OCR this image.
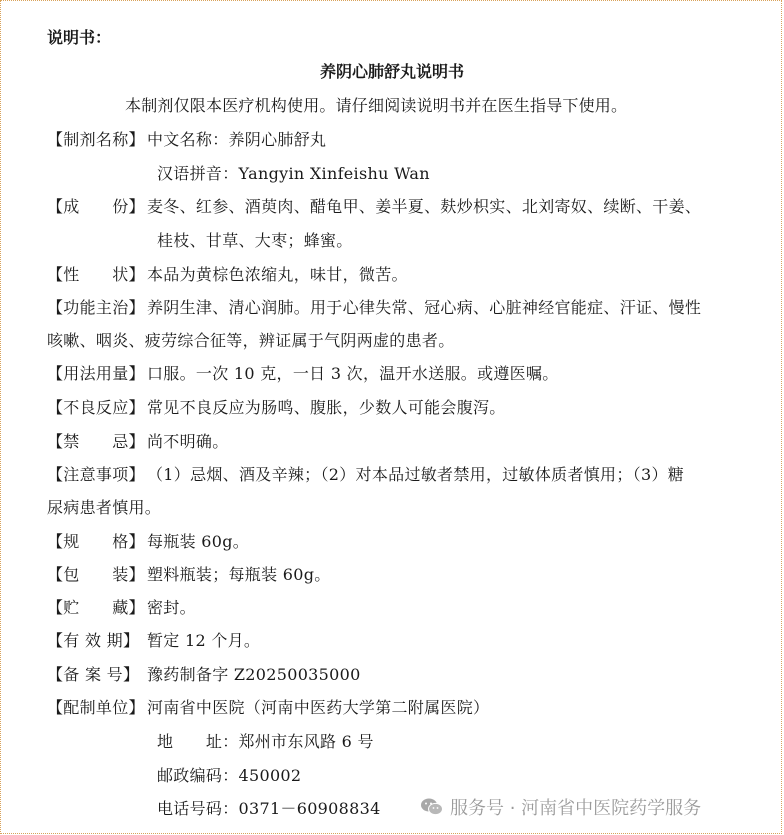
说明书：
养阴心肺舒丸说明书
本制剂仅限本医疗机构使用。请仔细阅读说明书并在医生指导下使用。
【制剂名称】 中文名称：养阴心肺舒丸
汉语拼音：Yangyin Xinfeishu Wan
【成　　份】 麦冬、红参、酒萸肉、醋龟甲、姜半夏、麸炒枳实、北刘寄奴、续断、干姜、
桂枝、甘草、大枣；蜂蜜。
【性　　状】 本品为黄棕色浓缩丸，味甘，微苦。
【功能主治】 养阴生津、清心润肺。用于心律失常、冠心病、心脏神经官能症、汗证、慢性
咳嗽、咽炎、疲劳综合征等，辨证属于气阴两虚的患者。
【用法用量】 口服。一次 10 克，一日 3 次，温开水送服。或遵医嘱。
【不良反应】 常见不良反应为肠鸣、腹胀，少数人可能会腹泻。
【禁　　忌】 尚不明确。
【注意事项】 （1）忌烟、酒及辛辣；（2）对本品过敏者禁用，过敏体质者慎用；（3）糖
尿病患者慎用。
【规　　格】 每瓶装 60g。
【包　　装】 塑料瓶装；每瓶装 60g。
【贮　　藏】 密封。
【有 效 期】 暂定 12 个月。
【备 案 号】 豫药制备字 Z20250035000
【配制单位】 河南省中医院（河南中医药大学第二附属医院）
地　　址：郑州市东风路 6 号
邮政编码：450002
电话号码：0371－60908834	服务号 · 河南省中医院药学服务
